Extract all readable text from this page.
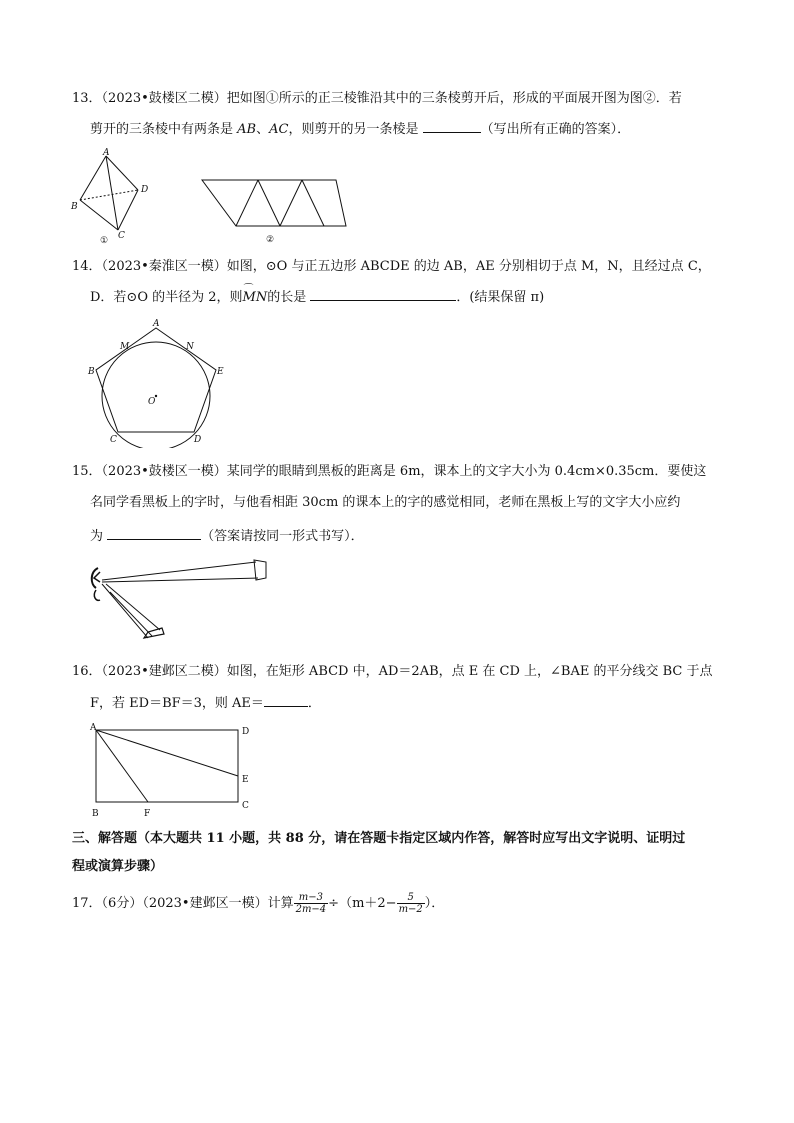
13．（2023•鼓楼区二模）把如图①所示的正三棱锥沿其中的三条棱剪开后，形成的平面展开图为图②．若
剪开的三条棱中有两条是 AB、AC，则剪开的另一条棱是	（写出所有正确的答案）．
A
B
C
D
①	②
14．（2023•秦淮区一模）如图，⊙O 与正五边形 ABCDE 的边 AB，AE 分别相切于点 M，N，且经过点 C，
D．若⊙O 的半径为 2，则⌒ MN的长是	．(结果保留 π)
A
B
C	D
E
M	N
O
15．（2023•鼓楼区一模）某同学的眼睛到黑板的距离是 6m，课本上的文字大小为 0.4cm×0.35cm．要使这
名同学看黑板上的字时，与他看相距 30cm 的课本上的字的感觉相同，老师在黑板上写的文字大小应约
为	（答案请按同一形式书写）．
16．（2023•建邺区二模）如图，在矩形 ABCD 中，AD＝2AB，点 E 在 CD 上，∠BAE 的平分线交 BC 于点
F，若 ED＝BF＝3，则 AE＝	．
A	D
E
C
B	F
三、解答题（本大题共 11 小题，共 88 分，请在答题卡指定区域内作答，解答时应写出文字说明、证明过
程或演算步骤）
17．（6分）（2023•建邺区一模）计算 $\frac{m-3}{2m-4} \div(m+2- \frac{5}{m-2}$ ）．
